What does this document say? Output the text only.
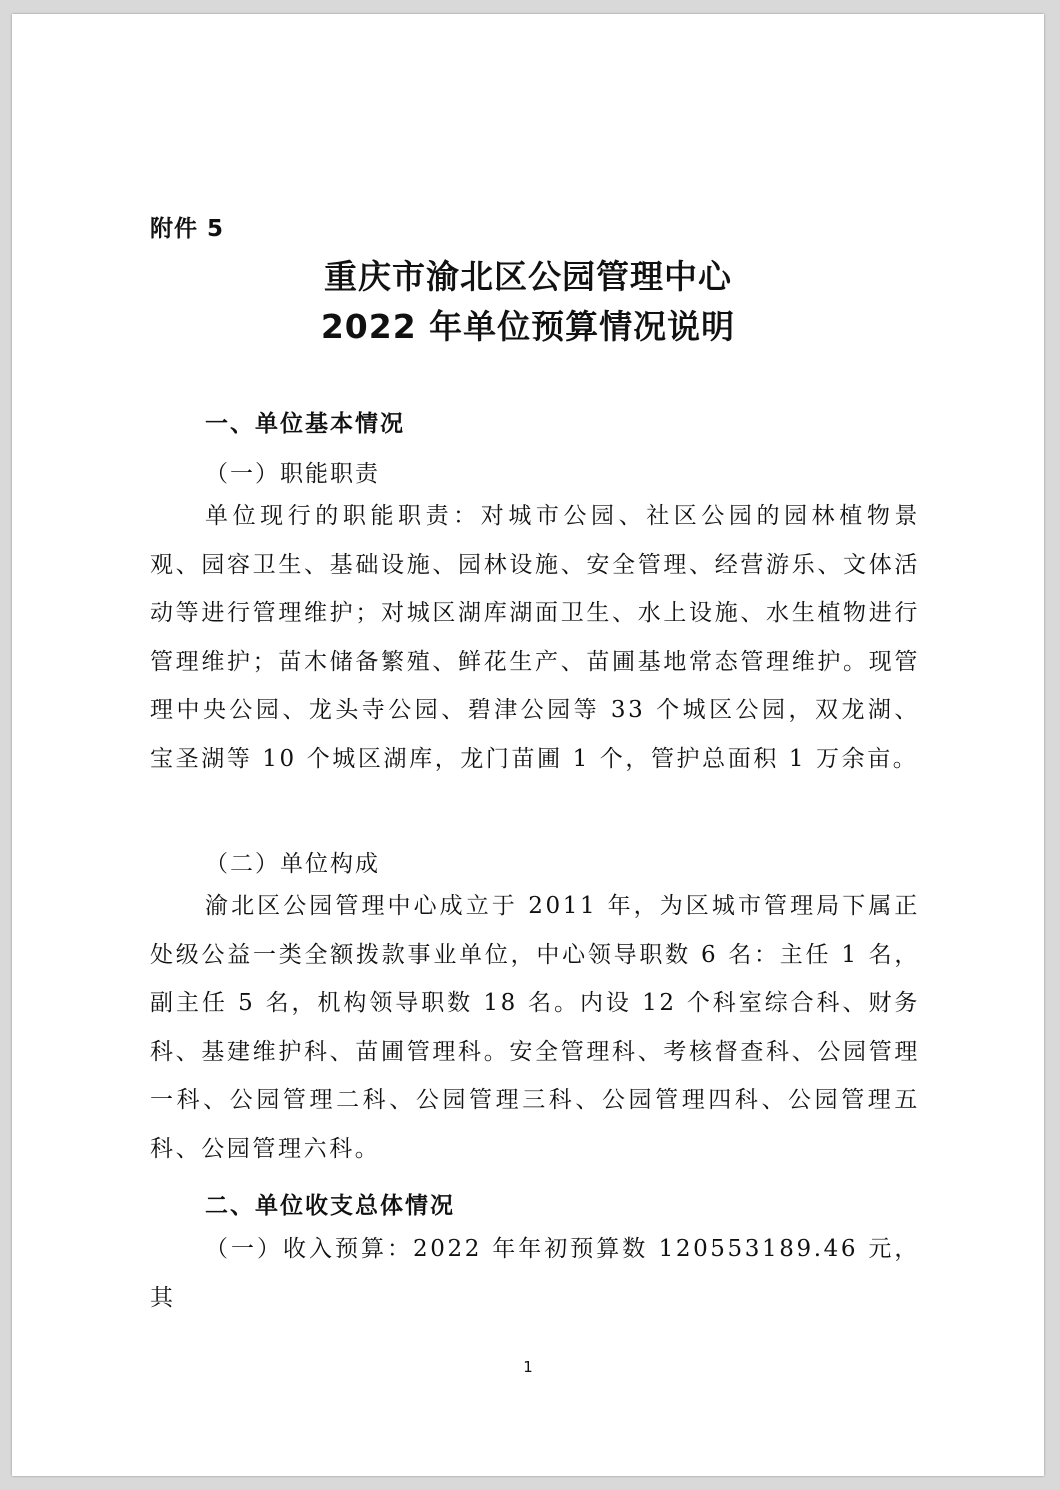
附件 5
重庆市渝北区公园管理中心
2022 年单位预算情况说明
一、单位基本情况
（一）职能职责
单位现行的职能职责：对城市公园、社区公园的园林植物景观、园容卫生、基础设施、园林设施、安全管理、经营游乐、文体活动等进行管理维护；对城区湖库湖面卫生、水上设施、水生植物进行管理维护；苗木储备繁殖、鲜花生产、苗圃基地常态管理维护。现管理中央公园、龙头寺公园、碧津公园等 33 个城区公园，双龙湖、宝圣湖等 10 个城区湖库，龙门苗圃 1 个，管护总面积 1 万余亩。
（二）单位构成
渝北区公园管理中心成立于 2011 年，为区城市管理局下属正处级公益一类全额拨款事业单位，中心领导职数 6 名：主任 1 名，副主任 5 名，机构领导职数 18 名。内设 12 个科室综合科、财务科、基建维护科、苗圃管理科。安全管理科、考核督查科、公园管理一科、公园管理二科、公园管理三科、公园管理四科、公园管理五科、公园管理六科。
二、单位收支总体情况
（一）收入预算：2022 年年初预算数 120553189.46 元，其
1
